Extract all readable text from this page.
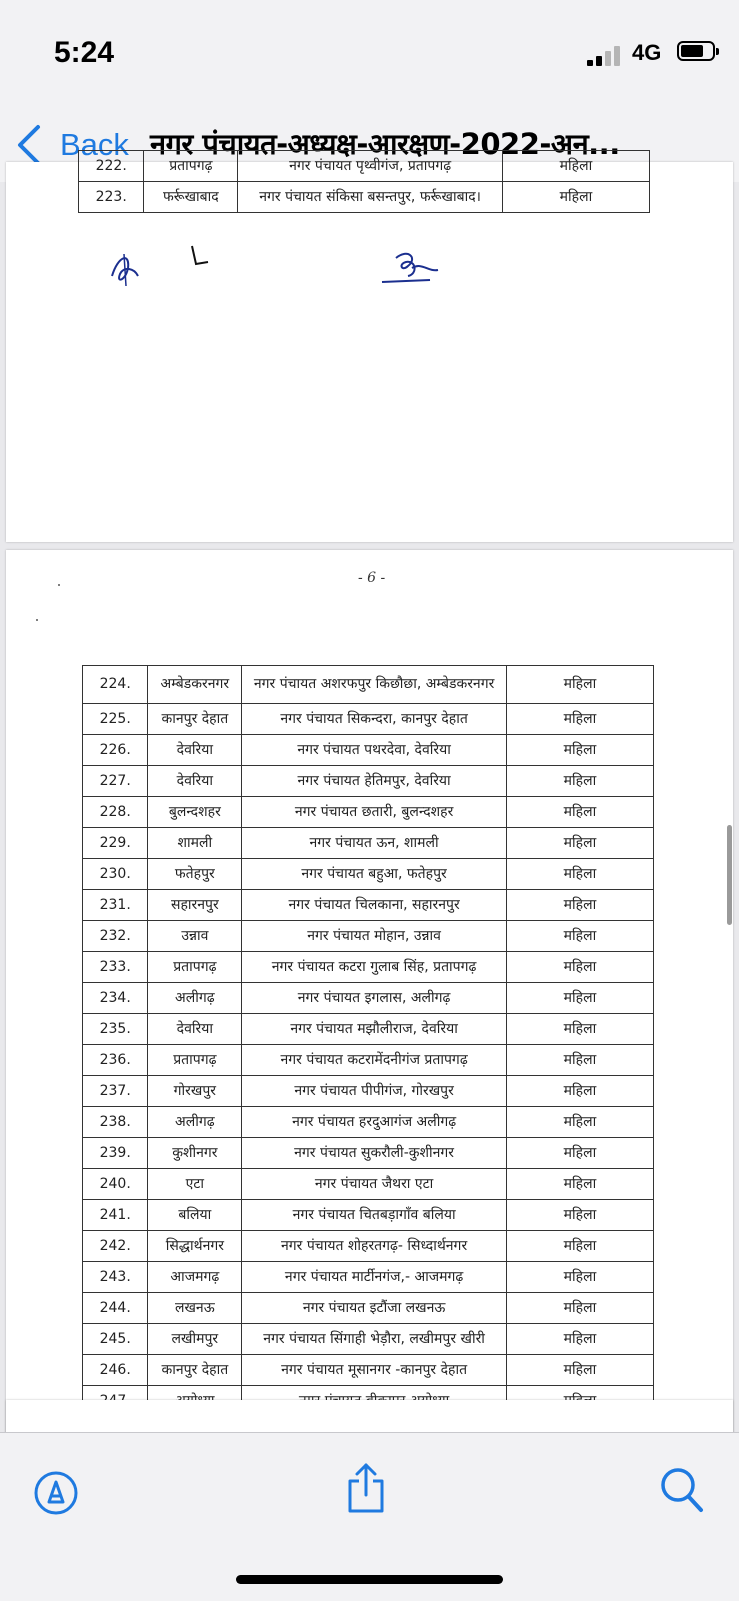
5:24	4G
Back नगर पंचायत-अध्यक्ष-आरक्षण-2022-अन...
222.	प्रतापगढ़	नगर पंचायत पृथ्वीगंज, प्रतापगढ़	महिला
223.	फर्रूखाबाद	नगर पंचायत संकिसा बसन्तपुर, फर्रूखाबाद।	महिला
- 6 -
224.	अम्बेडकरनगर	नगर पंचायत अशरफपुर किछौछा, अम्बेडकरनगर	महिला
225.	कानपुर देहात	नगर पंचायत सिकन्दरा, कानपुर देहात	महिला
226.	देवरिया	नगर पंचायत पथरदेवा, देवरिया	महिला
227.	देवरिया	नगर पंचायत हेतिमपुर, देवरिया	महिला
228.	बुलन्दशहर	नगर पंचायत छतारी, बुलन्दशहर	महिला
229.	शामली	नगर पंचायत ऊन, शामली	महिला
230.	फतेहपुर	नगर पंचायत बहुआ, फतेहपुर	महिला
231.	सहारनपुर	नगर पंचायत चिलकाना, सहारनपुर	महिला
232.	उन्नाव	नगर पंचायत मोहान, उन्नाव	महिला
233.	प्रतापगढ़	नगर पंचायत कटरा गुलाब सिंह, प्रतापगढ़	महिला
234.	अलीगढ़	नगर पंचायत इगलास, अलीगढ़	महिला
235.	देवरिया	नगर पंचायत मझौलीराज, देवरिया	महिला
236.	प्रतापगढ़	नगर पंचायत कटरामेंदनीगंज प्रतापगढ़	महिला
237.	गोरखपुर	नगर पंचायत पीपीगंज, गोरखपुर	महिला
238.	अलीगढ़	नगर पंचायत हरदुआगंज अलीगढ़	महिला
239.	कुशीनगर	नगर पंचायत सुकरौली-कुशीनगर	महिला
240.	एटा	नगर पंचायत जैथरा एटा	महिला
241.	बलिया	नगर पंचायत चितबड़ागाँव बलिया	महिला
242.	सिद्धार्थनगर	नगर पंचायत शोहरतगढ़- सिध्दार्थनगर	महिला
243.	आजमगढ़	नगर पंचायत मार्टीनगंज,- आजमगढ़	महिला
244.	लखनऊ	नगर पंचायत इटौंजा लखनऊ	महिला
245.	लखीमपुर	नगर पंचायत सिंगाही भेड़ौरा, लखीमपुर खीरी	महिला
246.	कानपुर देहात	नगर पंचायत मूसानगर -कानपुर देहात	महिला
